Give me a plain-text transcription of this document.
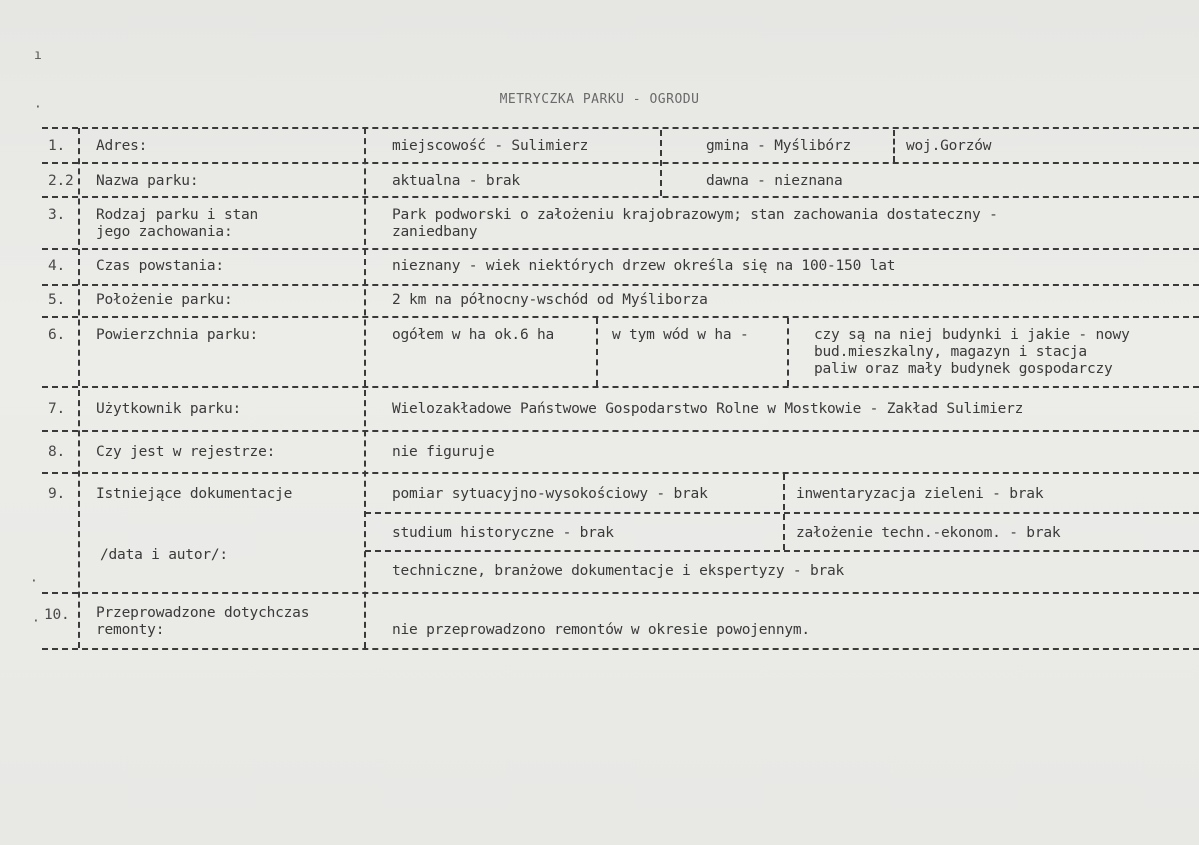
METRYCZKA PARKU - OGRODU
1. Adres:	miejscowość - Sulimierz	gmina - Myślibórz	woj.Gorzów
2.2 Nazwa parku:	aktualna - brak	dawna - nieznana
3. Rodzaj parku i stan
jego zachowania:
Park podworski o założeniu krajobrazowym; stan zachowania dostateczny -
zaniedbany
4. Czas powstania:	nieznany - wiek niektórych drzew określa się na 100-150 lat
5. Położenie parku:	2 km na północny-wschód od Myśliborza
6. Powierzchnia parku:	ogółem w ha ok.6 ha	w tym wód w ha -	czy są na niej budynki i jakie - nowy
bud.mieszkalny, magazyn i stacja
paliw oraz mały budynek gospodarczy
7. Użytkownik parku:	Wielozakładowe Państwowe Gospodarstwo Rolne w Mostkowie - Zakład Sulimierz
8. Czy jest w rejestrze:	nie figuruje
9. Istniejące dokumentacje
/data i autor/:
pomiar sytuacyjno-wysokościowy - brak	inwentaryzacja zieleni - brak
studium historyczne - brak	założenie techn.-ekonom. - brak
techniczne, branżowe dokumentacje i ekspertyzy - brak
10. Przeprowadzone dotychczas
remonty:	nie przeprowadzono remontów w okresie powojennym.
ı
·
·
·
